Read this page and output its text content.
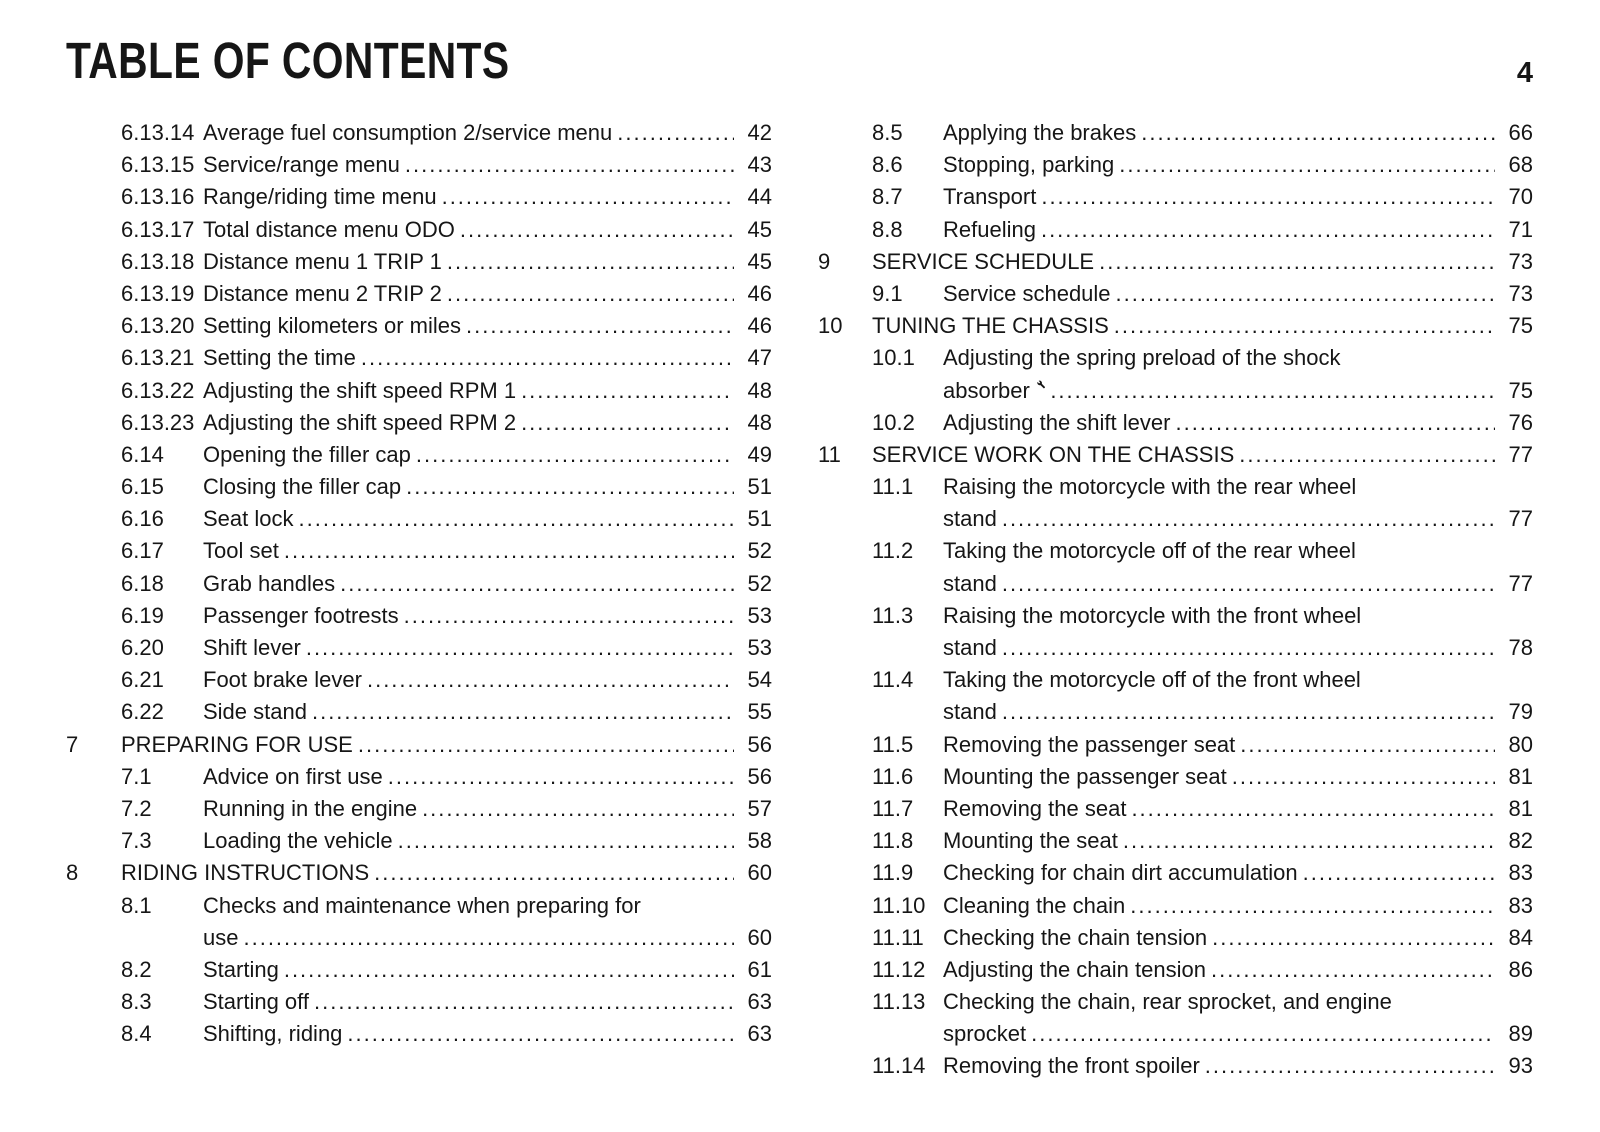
TABLE OF CONTENTS	4
6.13.14 Average fuel consumption 2/service menu .....	42
6.13.15 Service/range menu .....	43
6.13.16 Range/riding time menu .....	44
6.13.17 Total distance menu ODO .....	45
6.13.18 Distance menu 1 TRIP 1 .....	45
6.13.19 Distance menu 2 TRIP 2 .....	46
6.13.20 Setting kilometers or miles .....	46
6.13.21 Setting the time .....	47
6.13.22 Adjusting the shift speed RPM 1 .....	48
6.13.23 Adjusting the shift speed RPM 2 .....	48
6.14	Opening the filler cap .....	49
6.15	Closing the filler cap .....	51
6.16	Seat lock .....	51
6.17	Tool set .....	52
6.18	Grab handles .....	52
6.19	Passenger footrests .....	53
6.20	Shift lever .....	53
6.21	Foot brake lever .....	54
6.22	Side stand .....	55
7	PREPARING FOR USE .....	56
7.1	Advice on first use .....	56
7.2	Running in the engine .....	57
7.3	Loading the vehicle .....	58
8	RIDING INSTRUCTIONS .....	60
8.1	Checks and maintenance when preparing for
use .....	60
8.2	Starting .....	61
8.3	Starting off .....	63
8.4	Shifting, riding .....	63
8.5	Applying the brakes .....	66
8.6	Stopping, parking .....	68
8.7	Transport .....	70
8.8	Refueling .....	71
9	SERVICE SCHEDULE .....	73
9.1	Service schedule .....	73
10	TUNING THE CHASSIS .....	75
10.1	Adjusting the spring preload of the shock
absorber .....	75
10.2	Adjusting the shift lever .....	76
11	SERVICE WORK ON THE CHASSIS .....	77
11.1	Raising the motorcycle with the rear wheel
stand .....	77
11.2	Taking the motorcycle off of the rear wheel
stand .....	77
11.3	Raising the motorcycle with the front wheel
stand .....	78
11.4	Taking the motorcycle off of the front wheel
stand .....	79
11.5	Removing the passenger seat .....	80
11.6	Mounting the passenger seat .....	81
11.7	Removing the seat .....	81
11.8	Mounting the seat .....	82
11.9	Checking for chain dirt accumulation .....	83
11.10 Cleaning the chain .....	83
11.11 Checking the chain tension .....	84
11.12 Adjusting the chain tension .....	86
11.13 Checking the chain, rear sprocket, and engine
sprocket .....	89
11.14 Removing the front spoiler .....	93
